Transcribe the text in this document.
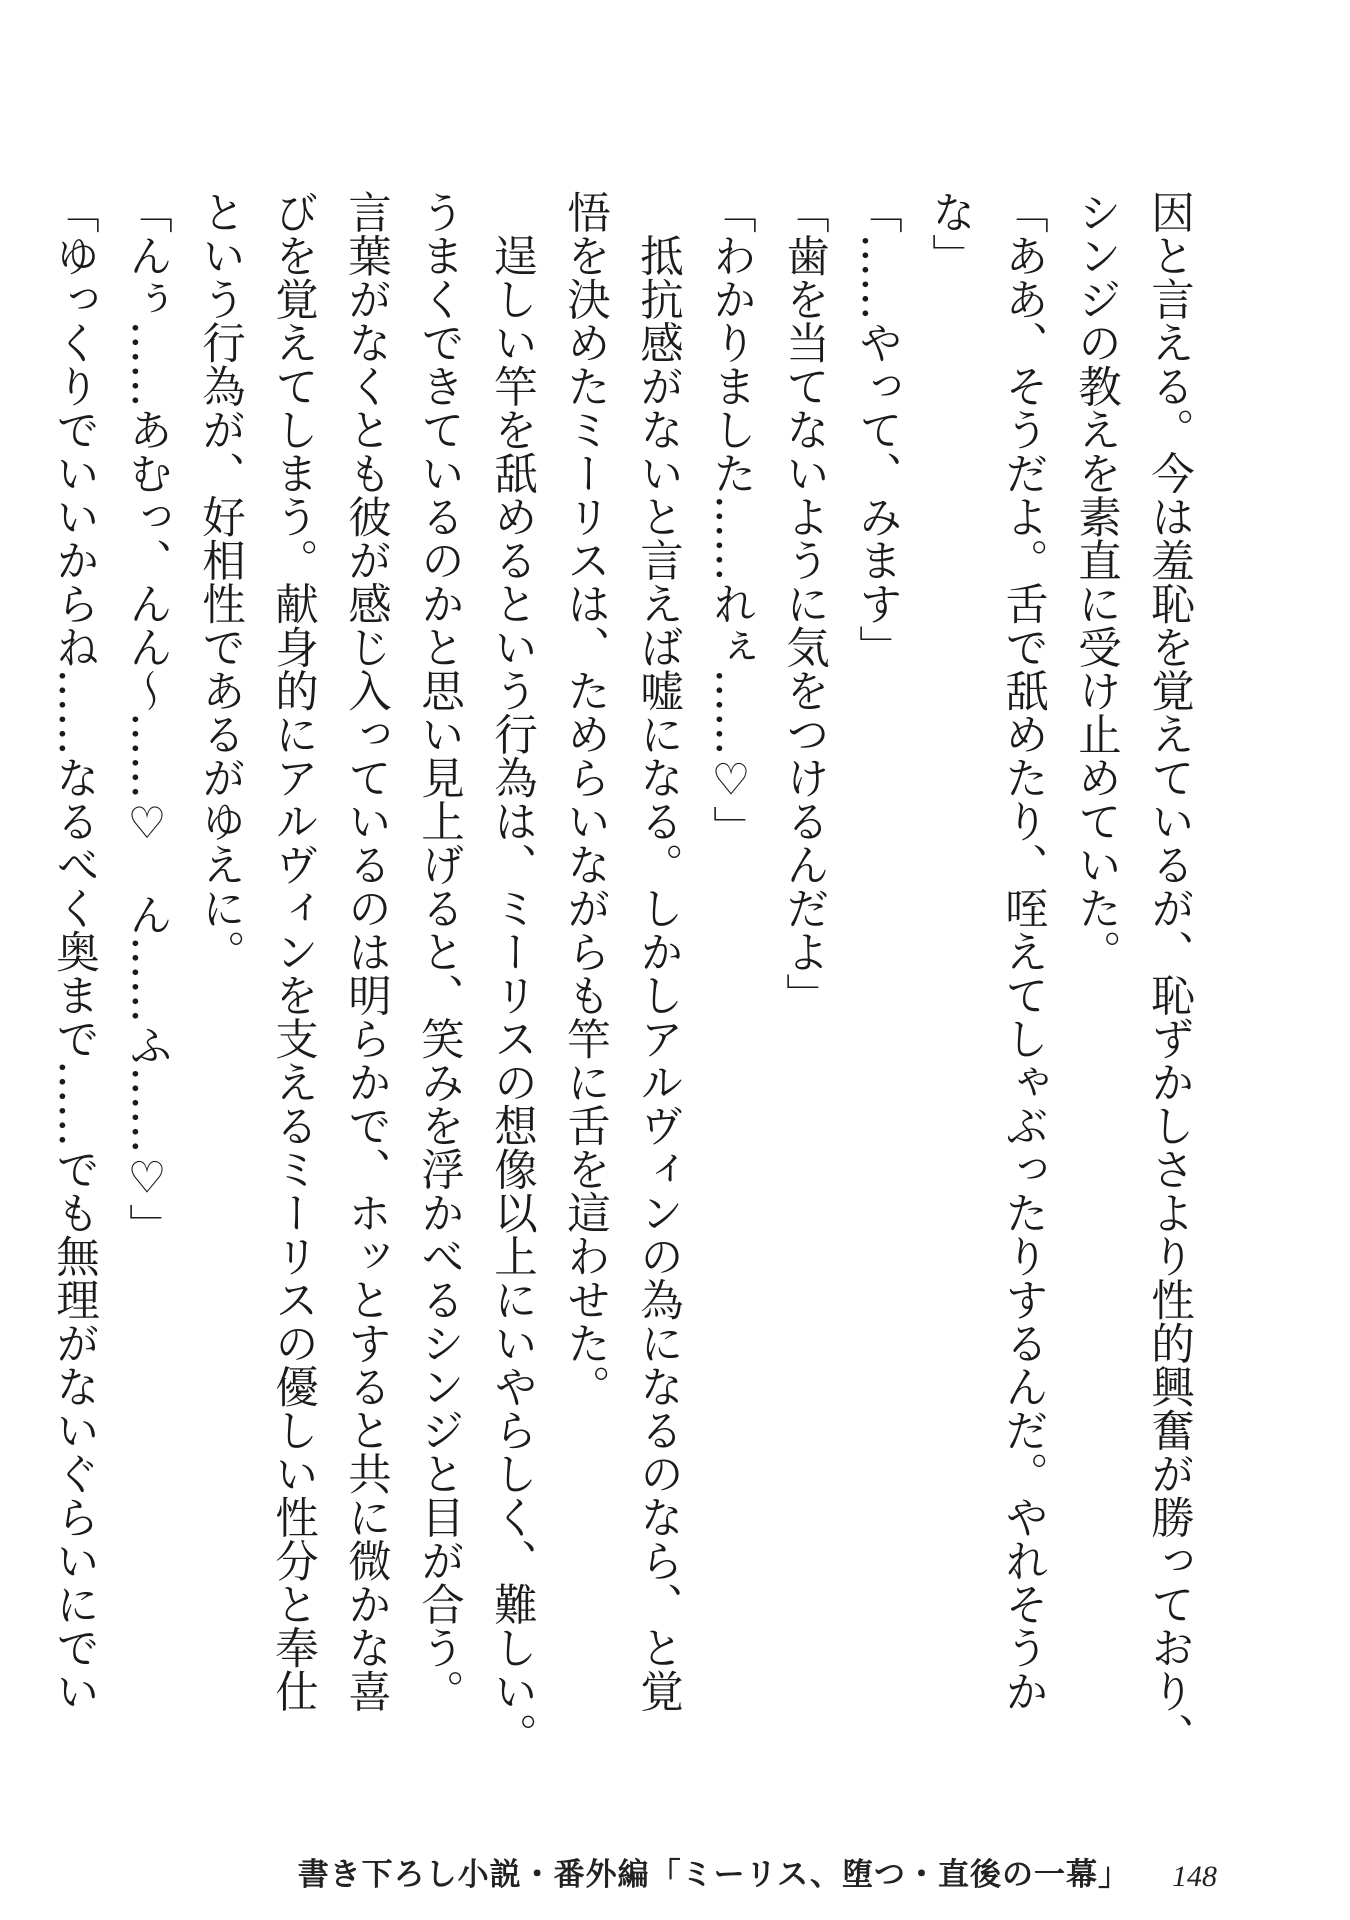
因と言える。今は羞恥を覚えているが、恥ずかしさより性的興奮が勝っており、

シンジの教えを素直に受け止めていた。

「ああ、そうだよ。舌で舐めたり、咥えてしゃぶったりするんだ。やれそうか

な」

「……やって、みます」

「歯を当てないように気をつけるんだよ」

「わかりました……れぇ……♡」

　抵抗感がないと言えば嘘になる。しかしアルヴィンの為になるのなら、と覚

悟を決めたミーリスは、ためらいながらも竿に舌を這わせた。

　逞しい竿を舐めるという行為は、ミーリスの想像以上にいやらしく、難しい。

うまくできているのかと思い見上げると、笑みを浮かべるシンジと目が合う。

言葉がなくとも彼が感じ入っているのは明らかで、ホッとすると共に微かな喜

びを覚えてしまう。献身的にアルヴィンを支えるミーリスの優しい性分と奉仕

という行為が、好相性であるがゆえに。

「んぅ……あむっ、んん～……♡　ん……ふ……♡」

「ゆっくりでいいからね……なるべく奥まで……でも無理がないぐらいにでい

書き下ろし小説・番外編「ミーリス、堕つ・直後の一幕」 148
